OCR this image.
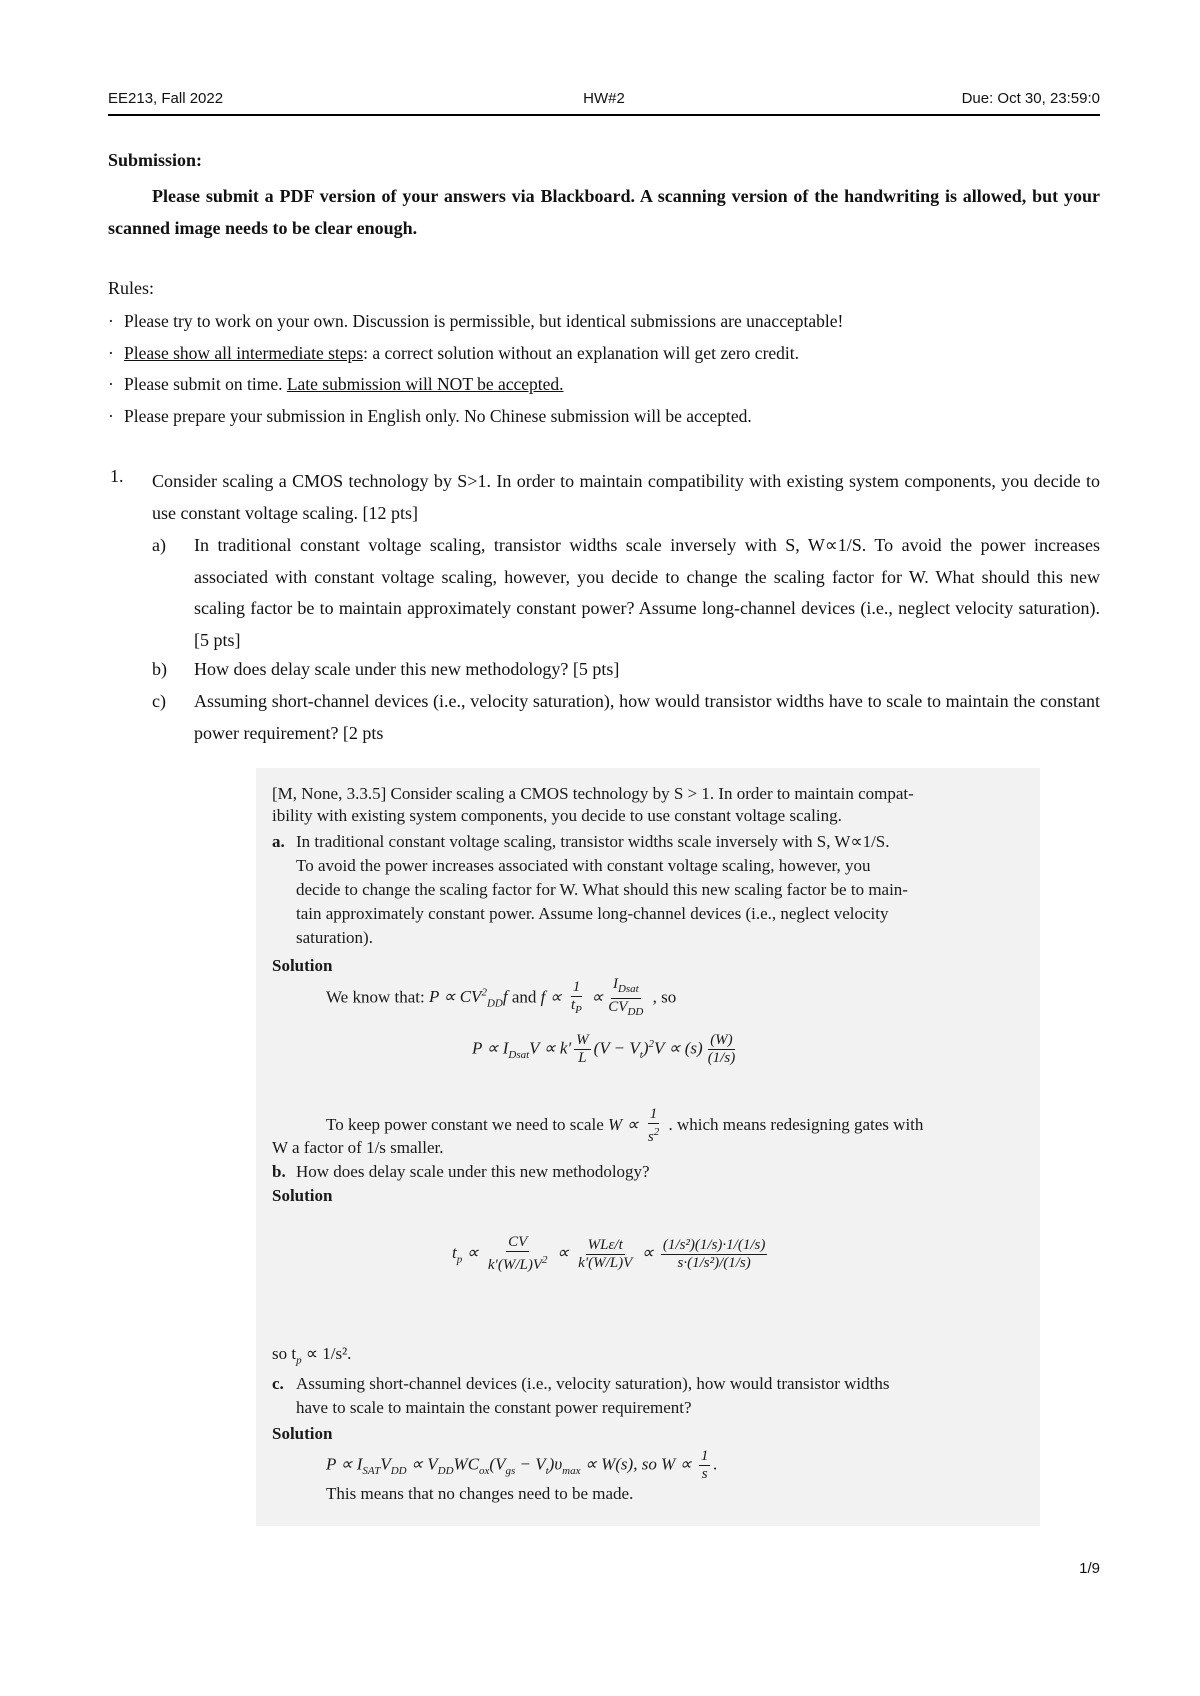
EE213, Fall 2022	HW#2	Due: Oct 30, 23:59:0
Submission:
Please submit a PDF version of your answers via Blackboard. A scanning version of the handwriting is allowed, but your scanned image needs to be clear enough.
Rules:
· Please try to work on your own. Discussion is permissible, but identical submissions are unacceptable!
· Please show all intermediate steps: a correct solution without an explanation will get zero credit.
· Please submit on time. Late submission will NOT be accepted.
· Please prepare your submission in English only. No Chinese submission will be accepted.
1. Consider scaling a CMOS technology by S>1. In order to maintain compatibility with existing system components, you decide to use constant voltage scaling. [12 pts]
a) In traditional constant voltage scaling, transistor widths scale inversely with S, W∝1/S. To avoid the power increases associated with constant voltage scaling, however, you decide to change the scaling factor for W. What should this new scaling factor be to maintain approximately constant power? Assume long-channel devices (i.e., neglect velocity saturation). [5 pts]
b) How does delay scale under this new methodology? [5 pts]
c) Assuming short-channel devices (i.e., velocity saturation), how would transistor widths have to scale to maintain the constant power requirement? [2 pts
[M, None, 3.3.5] Consider scaling a CMOS technology by S > 1. In order to maintain compat-
ibility with existing system components, you decide to use constant voltage scaling.
a. In traditional constant voltage scaling, transistor widths scale inversely with S, W∝1/S.
To avoid the power increases associated with constant voltage scaling, however, you
decide to change the scaling factor for W. What should this new scaling factor be to main-
tain approximately constant power. Assume long-channel devices (i.e., neglect velocity
saturation).
Solution
We know that: $P \propto CV^2_{DD}f$ and $f \propto \frac{1}{t_P} \propto \frac{I_{Dsat}}{CV_{DD}}$ , so
$P \propto I_{Dsat}V \propto k' \frac{W}{L} (V - V_t)^2V \propto (s) \frac{(W)}{(1/s)}$
To keep power constant we need to scale $W \propto \frac{1}{s^2}$ . which means redesigning gates with
W a factor of 1/s smaller.
b. How does delay scale under this new methodology?
Solution
$t_p \propto \frac{CV}{k'(W/L)V^2} \propto \frac{\text{WLε/t}}{k'(W/L)V} \propto \frac{\text{(1/s²)(1/s)·1/(1/s)}}{\text{s·(1/s²)/(1/s)}}$
so $t_p \propto 1/s^2$.
c. Assuming short-channel devices (i.e., velocity saturation), how would transistor widths
have to scale to maintain the constant power requirement?
Solution
$P \propto I_{SAT}V_{DD} \propto V_{DD}WC_{ox}(V_{gs} - V_t)\upsilon_{max} \propto W(s)$, so $W \propto \frac{1}{s}$ .
This means that no changes need to be made.
1/9
